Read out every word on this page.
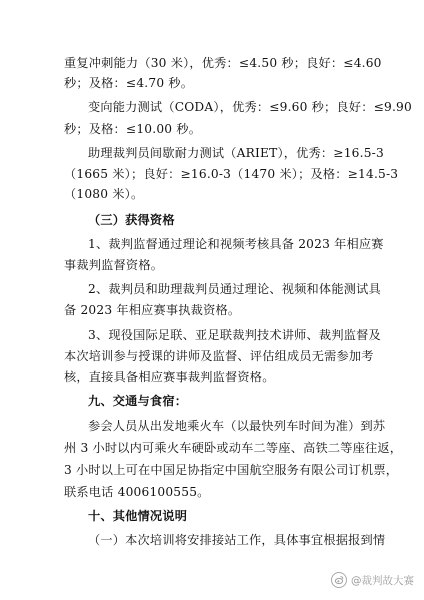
重复冲刺能力（30 米），优秀：≤4.50 秒；良好：≤4.60
秒；及格：≤4.70 秒。
变向能力测试（CODA），优秀：≤9.60 秒；良好：≤9.90
秒；及格：≤10.00 秒。
助理裁判员间歇耐力测试（ARIET），优秀：≥16.5-3
（1665 米）；良好：≥16.0-3（1470 米）；及格：≥14.5-3
（1080 米）。
（三）获得资格
1、裁判监督通过理论和视频考核具备 2023 年相应赛
事裁判监督资格。
2、裁判员和助理裁判员通过理论、视频和体能测试具
备 2023 年相应赛事执裁资格。
3、现役国际足联、亚足联裁判技术讲师、裁判监督及
本次培训参与授课的讲师及监督、评估组成员无需参加考
核，直接具备相应赛事裁判监督资格。
九、交通与食宿：
参会人员从出发地乘火车（以最快列车时间为准）到苏
州 3 小时以内可乘火车硬卧或动车二等座、高铁二等座往返，
3 小时以上可在中国足协指定中国航空服务有限公司订机票，
联系电话 4006100555。
十、其他情况说明
（一）本次培训将安排接站工作，具体事宜根据报到情
@裁判故大赛
